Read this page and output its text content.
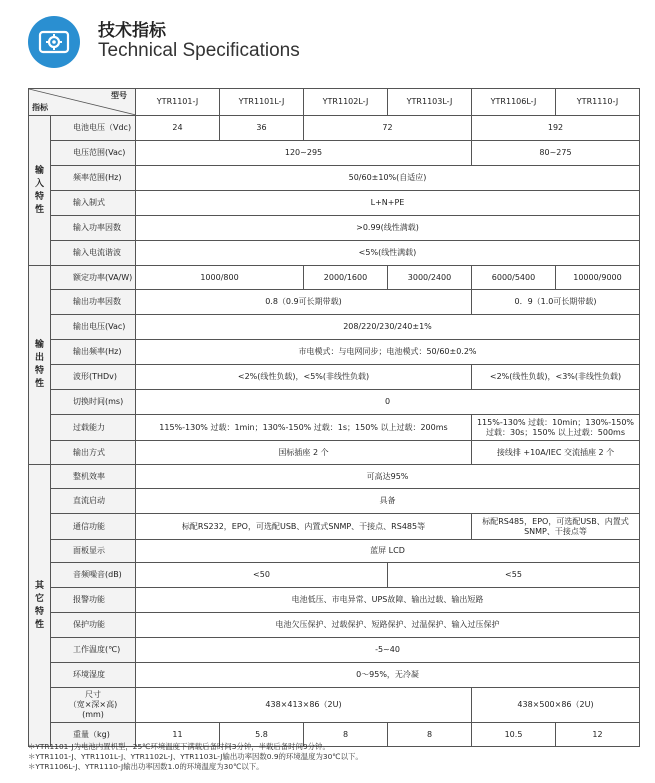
技术指标
Technical Specifications
型号
指标		YTR1101-J	YTR1101L-J	YTR1102L-J	YTR1103L-J	YTR1106L-J	YTR1110-J

输
入
特
性	电池电压（Vdc)	24	36	72		192	
	电压范围(Vac)	120~295				80~275	
	频率范围(Hz)	50/60±10%(自适应)					
	输入制式	L+N+PE					
	输入功率因数	>0.99(线性满载)					
	输入电流谐波	<5%(线性满载)					

输
出
特
性	额定功率(VA/W)	1000/800		2000/1600	3000/2400	6000/5400	10000/9000
	输出功率因数	0.8（0.9可长期带载)				0．9（1.0可长期带载)	
	输出电压(Vac)	208/220/230/240±1%					
	输出频率(Hz)	市电模式：与电网同步；电池模式：50/60±0.2%					
	波形(THDv)	<2%(线性负载)，<5%(非线性负载)				<2%(线性负载)，<3%(非线性负载)	
	切换时间(ms)	0					
	过载能力	115%-130% 过载：1min；130%-150% 过载：1s；150% 以上过载：200ms				115%-130% 过载：10min；130%-150%
过载：30s；150% 以上过载：500ms	

	输出方式	国标插座 2 个				接线排 +10A/IEC 交流插座 2 个	

其
它
特
性	整机效率	可高达95%					
	直流启动	具备					
	通信功能	标配RS232，EPO，可选配USB、内置式SNMP、干接点、RS485等				标配RS485，EPO，可选配USB、内置式
SNMP、干接点等	

	面板显示	蓝屏 LCD					
	音频噪音(dB)	<50			<55		
	报警功能	电池低压、市电异常、UPS故障、输出过载、输出短路					
	保护功能	电池欠压保护、过载保护、短路保护、过温保护、输入过压保护					
	工作温度(℃)	-5~40					
	环境湿度	0～95%，无冷凝					

	尺寸
（宽×深×高)
(mm)	438×413×86（2U)				438×500×86（2U)	
	重量（kg)	11	5.8	8	8	10.5	12
＊YTR1101-J为电池内置机型，25℃环境温度下满载后备时间3分钟，半载后备时间9分钟。
＊YTR1101-J、YTR1101L-J、YTR1102L-J、YTR1103L-J输出功率因数0.9的环境温度为30℃以下。
＊YTR1106L-J、YTR1110-J输出功率因数1.0的环境温度为30℃以下。
